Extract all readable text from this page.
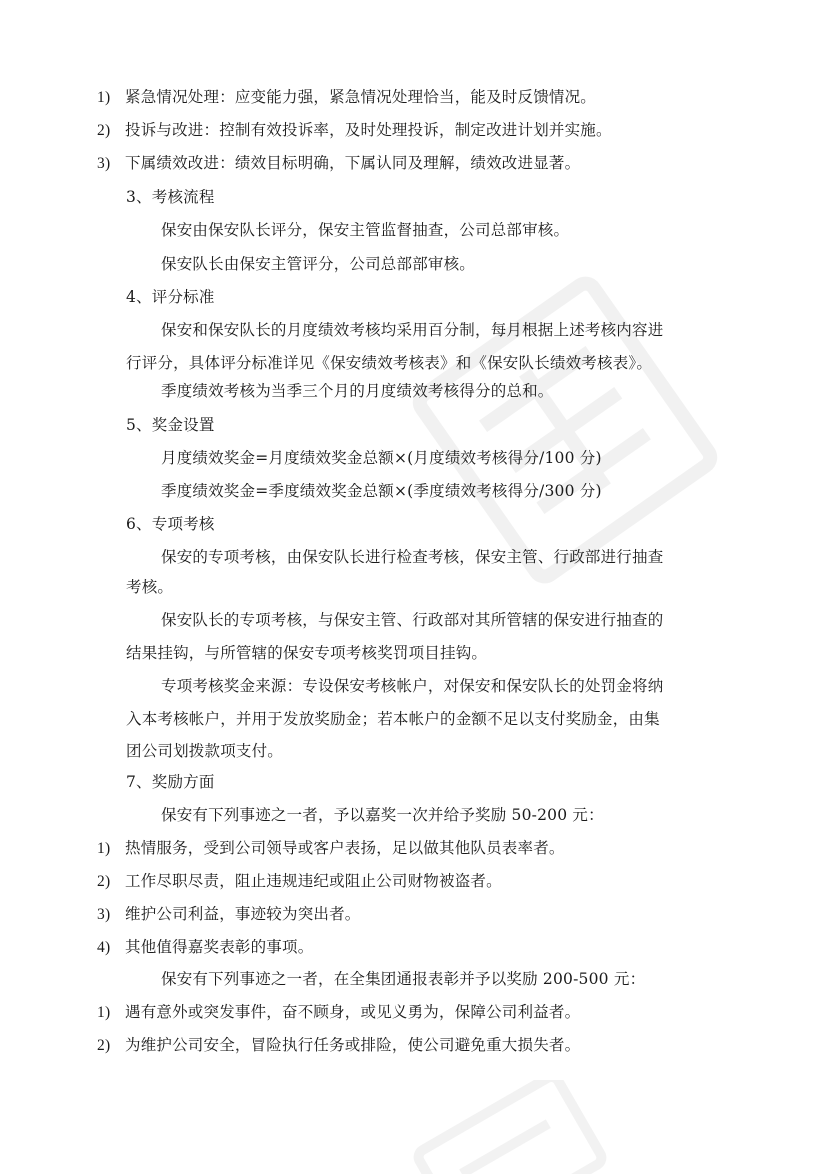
1) 紧急情况处理：应变能力强，紧急情况处理恰当，能及时反馈情况。
2) 投诉与改进：控制有效投诉率，及时处理投诉，制定改进计划并实施。
3) 下属绩效改进：绩效目标明确，下属认同及理解，绩效改进显著。
3、考核流程
保安由保安队长评分，保安主管监督抽查，公司总部审核。
保安队长由保安主管评分，公司总部部审核。
4、评分标准
保安和保安队长的月度绩效考核均采用百分制，每月根据上述考核内容进
行评分，具体评分标准详见《保安绩效考核表》和《保安队长绩效考核表》。
季度绩效考核为当季三个月的月度绩效考核得分的总和。
5、奖金设置
月度绩效奖金=月度绩效奖金总额×(月度绩效考核得分/100 分)
季度绩效奖金=季度绩效奖金总额×(季度绩效考核得分/300 分)
6、专项考核
保安的专项考核，由保安队长进行检查考核，保安主管、行政部进行抽查
考核。
保安队长的专项考核，与保安主管、行政部对其所管辖的保安进行抽查的
结果挂钩，与所管辖的保安专项考核奖罚项目挂钩。
专项考核奖金来源：专设保安考核帐户，对保安和保安队长的处罚金将纳
入本考核帐户，并用于发放奖励金；若本帐户的金额不足以支付奖励金，由集
团公司划拨款项支付。
7、奖励方面
保安有下列事迹之一者，予以嘉奖一次并给予奖励 50-200 元：
1) 热情服务，受到公司领导或客户表扬，足以做其他队员表率者。
2) 工作尽职尽责，阻止违规违纪或阻止公司财物被盗者。
3) 维护公司利益，事迹较为突出者。
4) 其他值得嘉奖表彰的事项。
保安有下列事迹之一者，在全集团通报表彰并予以奖励 200-500 元：
1) 遇有意外或突发事件，奋不顾身，或见义勇为，保障公司利益者。
2) 为维护公司安全，冒险执行任务或排险，使公司避免重大损失者。
